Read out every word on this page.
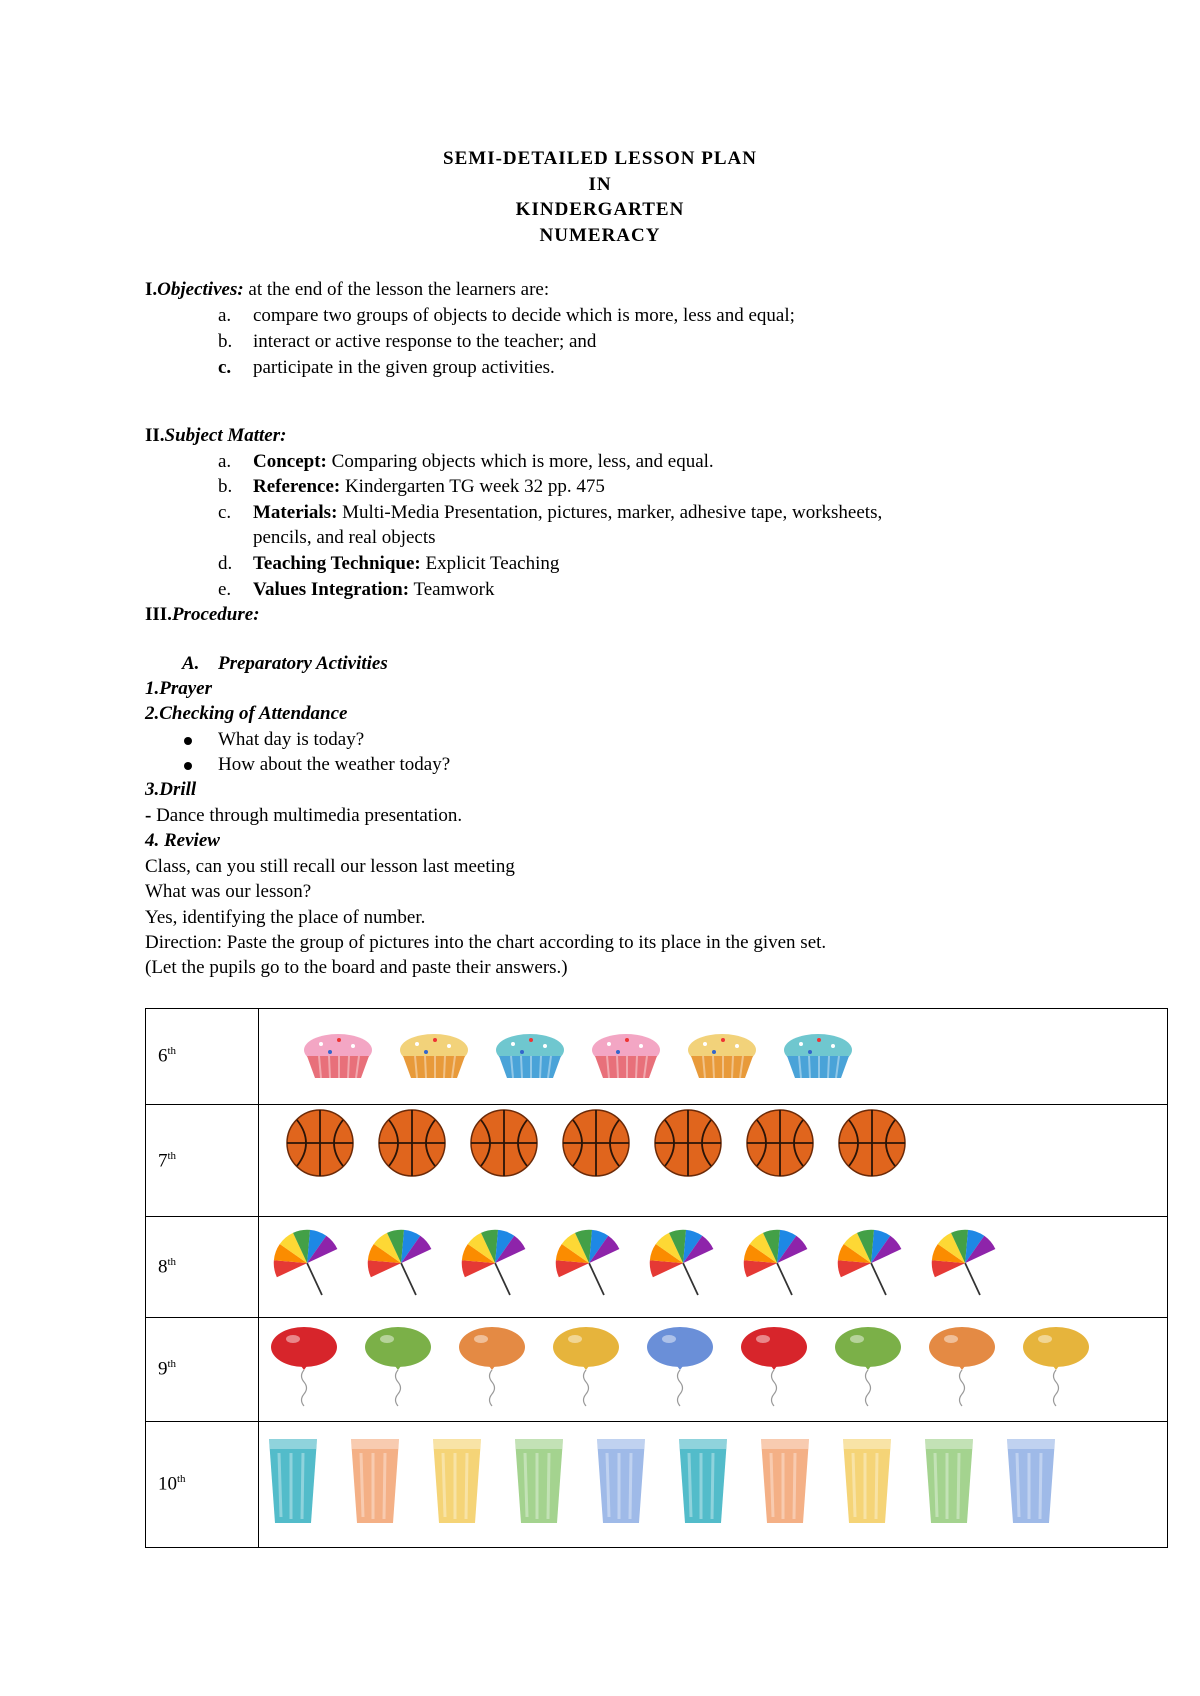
SEMI-DETAILED LESSON PLAN
IN
KINDERGARTEN
NUMERACY
I.Objectives: at the end of the lesson the learners are:
a. compare two groups of objects to decide which is more, less and equal;
b. interact or active response to the teacher; and
c. participate in the given group activities.
II.Subject Matter:
a. Concept: Comparing objects which is more, less, and equal.
b. Reference: Kindergarten TG week 32 pp. 475
c. Materials: Multi-Media Presentation, pictures, marker, adhesive tape, worksheets,
pencils, and real objects
d. Teaching Technique: Explicit Teaching
e. Values Integration: Teamwork
III.Procedure:
A. Preparatory Activities
1.Prayer
2.Checking of Attendance
What day is today?
How about the weather today?
3.Drill
- Dance through multimedia presentation.
4. Review
Class, can you still recall our lesson last meeting
What was our lesson?
Yes, identifying the place of number.
Direction: Paste the group of pictures into the chart according to its place in the given set.
(Let the pupils go to the board and paste their answers.)
6th	

7th	

8th	

9th	

10th	
